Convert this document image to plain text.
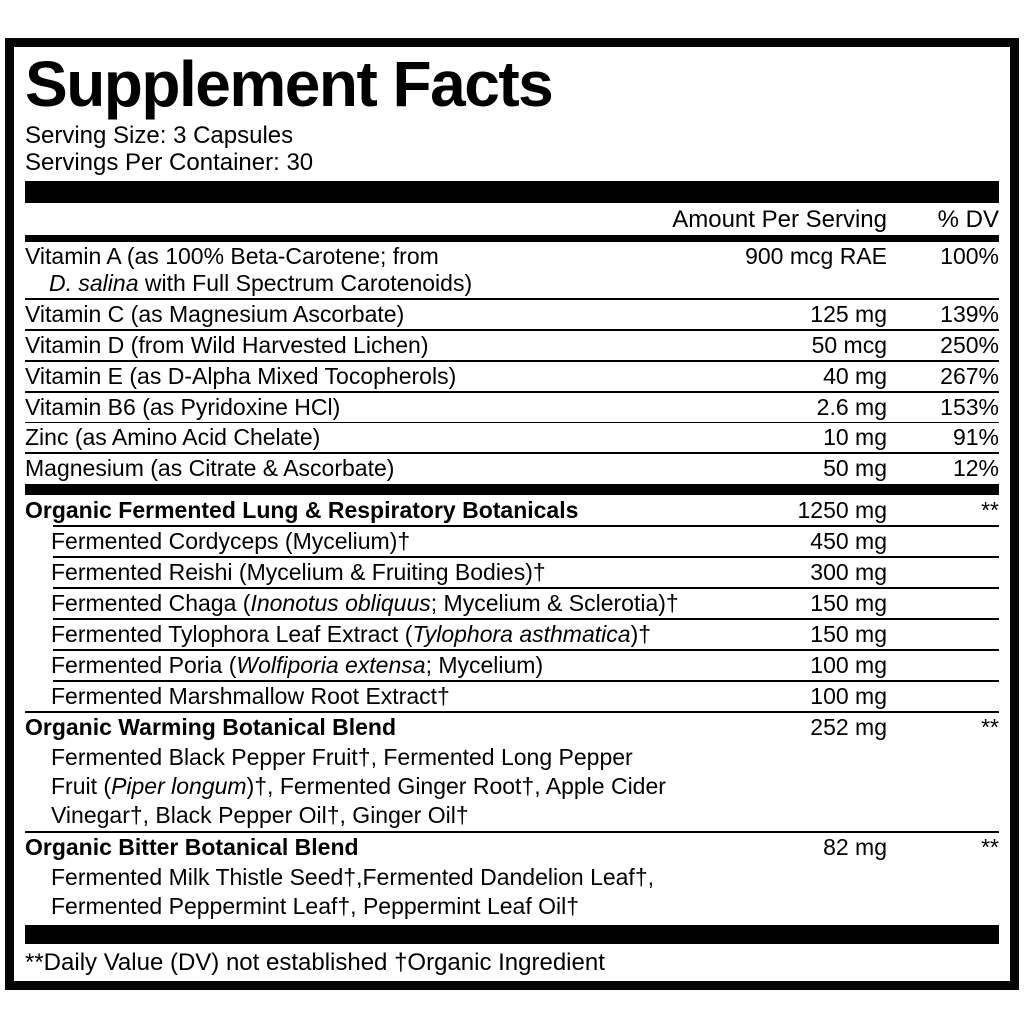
Supplement Facts
Serving Size: 3 Capsules
Servings Per Container: 30
Amount Per Serving	% DV
Vitamin A (as 100% Beta-Carotene; from
D. salina with Full Spectrum Carotenoids)
900 mcg RAE	100%
Vitamin C (as Magnesium Ascorbate)	125 mg	139%
Vitamin D (from Wild Harvested Lichen)	50 mcg	250%
Vitamin E (as D-Alpha Mixed Tocopherols)	40 mg	267%
Vitamin B6 (as Pyridoxine HCl)	2.6 mg	153%
Zinc (as Amino Acid Chelate)	10 mg	91%
Magnesium (as Citrate & Ascorbate)	50 mg	12%
Organic Fermented Lung & Respiratory Botanicals	1250 mg	**
Fermented Cordyceps (Mycelium)†	450 mg
Fermented Reishi (Mycelium & Fruiting Bodies)†	300 mg
Fermented Chaga (Inonotus obliquus; Mycelium & Sclerotia)†	150 mg
Fermented Tylophora Leaf Extract (Tylophora asthmatica)†	150 mg
Fermented Poria (Wolfiporia extensa; Mycelium)	100 mg
Fermented Marshmallow Root Extract†	100 mg
Organic Warming Botanical Blend	252 mg	**
Fermented Black Pepper Fruit†, Fermented Long Pepper
Fruit (Piper longum)†, Fermented Ginger Root†, Apple Cider
Vinegar†, Black Pepper Oil†, Ginger Oil†
Organic Bitter Botanical Blend	82 mg	**
Fermented Milk Thistle Seed†,Fermented Dandelion Leaf†,
Fermented Peppermint Leaf†, Peppermint Leaf Oil†
**Daily Value (DV) not established †Organic Ingredient
